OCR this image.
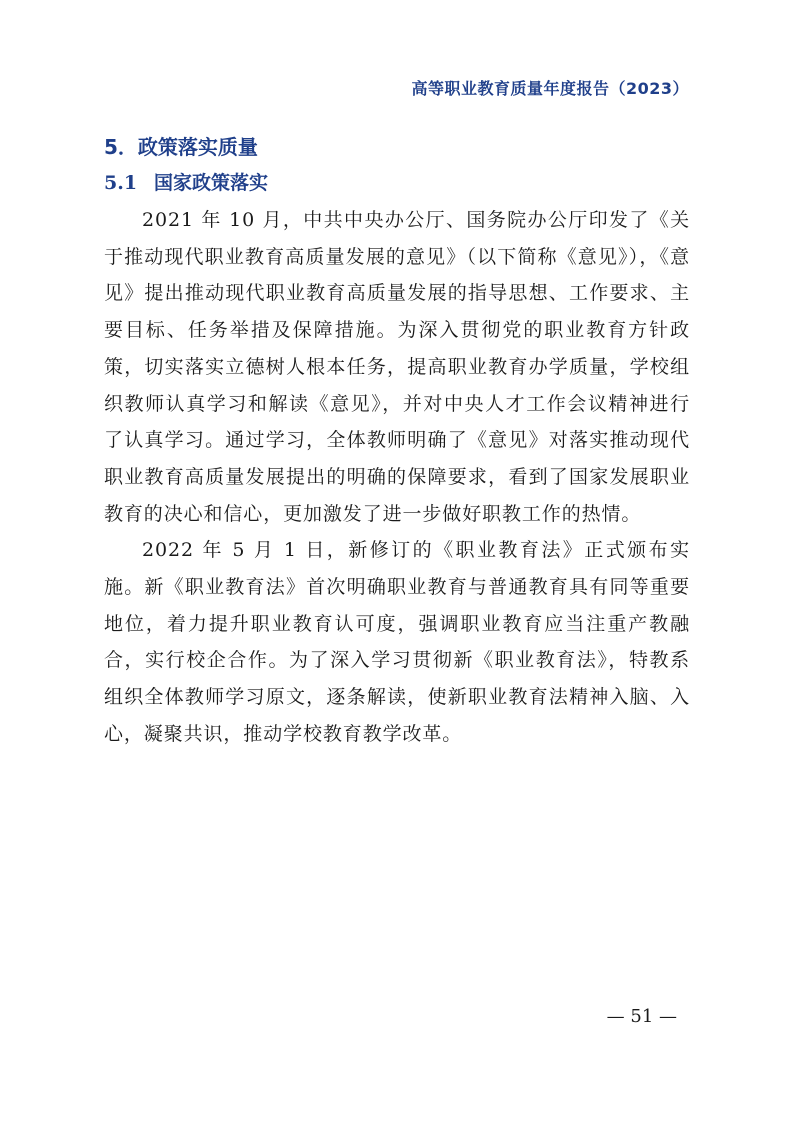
高等职业教育质量年度报告（2023）
5．政策落实质量
5.1 国家政策落实

2021 年 10 月，中共中央办公厅、国务院办公厅印发了《关于推动现代职业教育高质量发展的意见》（以下简称《意见》），《意见》提出推动现代职业教育高质量发展的指导思想、工作要求、主要目标、任务举措及保障措施。为深入贯彻党的职业教育方针政策，切实落实立德树人根本任务，提高职业教育办学质量，学校组织教师认真学习和解读《意见》，并对中央人才工作会议精神进行了认真学习。通过学习，全体教师明确了《意见》对落实推动现代职业教育高质量发展提出的明确的保障要求，看到了国家发展职业教育的决心和信心，更加激发了进一步做好职教工作的热情。

2022 年 5 月 1 日，新修订的《职业教育法》正式颁布实施。新《职业教育法》首次明确职业教育与普通教育具有同等重要地位，着力提升职业教育认可度，强调职业教育应当注重产教融合，实行校企合作。为了深入学习贯彻新《职业教育法》，特教系组织全体教师学习原文，逐条解读，使新职业教育法精神入脑、入心，凝聚共识，推动学校教育教学改革。

— 51 —
